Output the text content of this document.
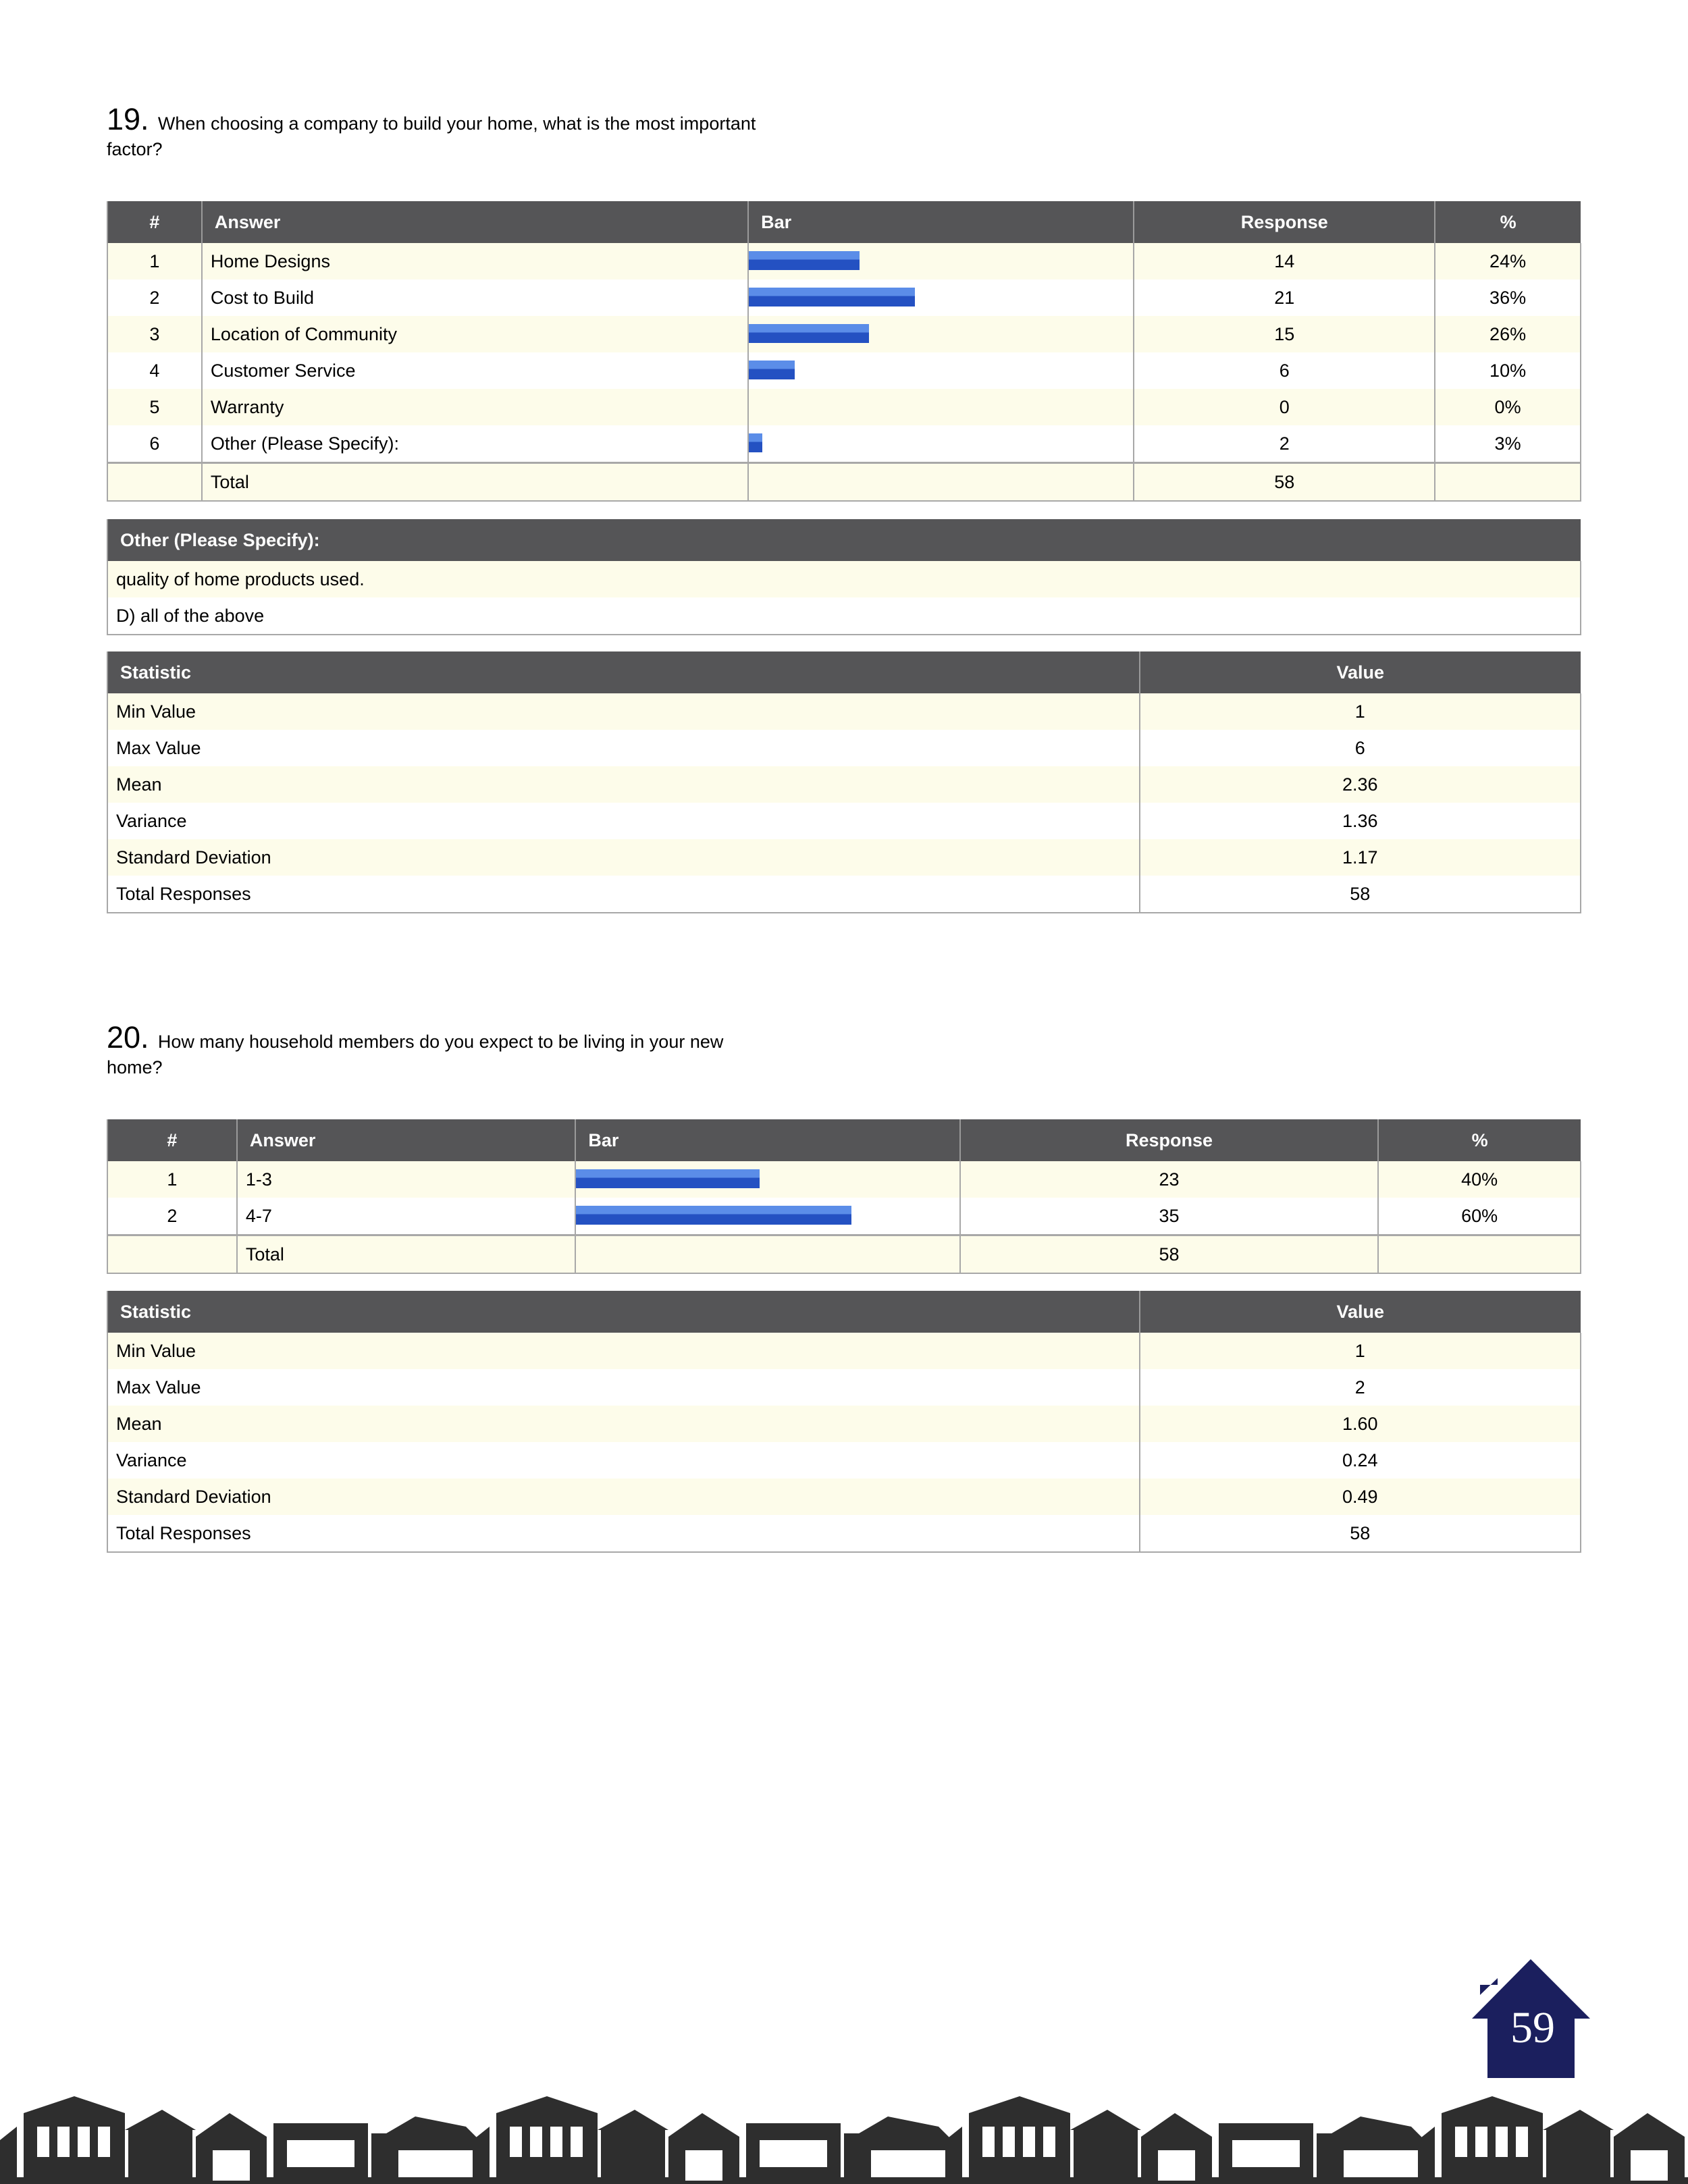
19. When choosing a company to build your home, what is the most important
factor?
#	Answer	Bar	Response	%
1	Home Designs		14	24%
2	Cost to Build		21	36%
3	Location of Community		15	26%
4	Customer Service		6	10%
5	Warranty		0	0%
6	Other (Please Specify):		2	3%
	Total		58	
Other (Please Specify):
quality of home products used.
D) all of the above
Statistic	Value
Min Value	1
Max Value	6
Mean	2.36
Variance	1.36
Standard Deviation	1.17
Total Responses	58
20. How many household members do you expect to be living in your new
home?
#	Answer	Bar	Response	%
1	1-3		23	40%
2	4-7		35	60%
	Total		58	
Statistic	Value
Min Value	1
Max Value	2
Mean	1.60
Variance	0.24
Standard Deviation	0.49
Total Responses	58
59
